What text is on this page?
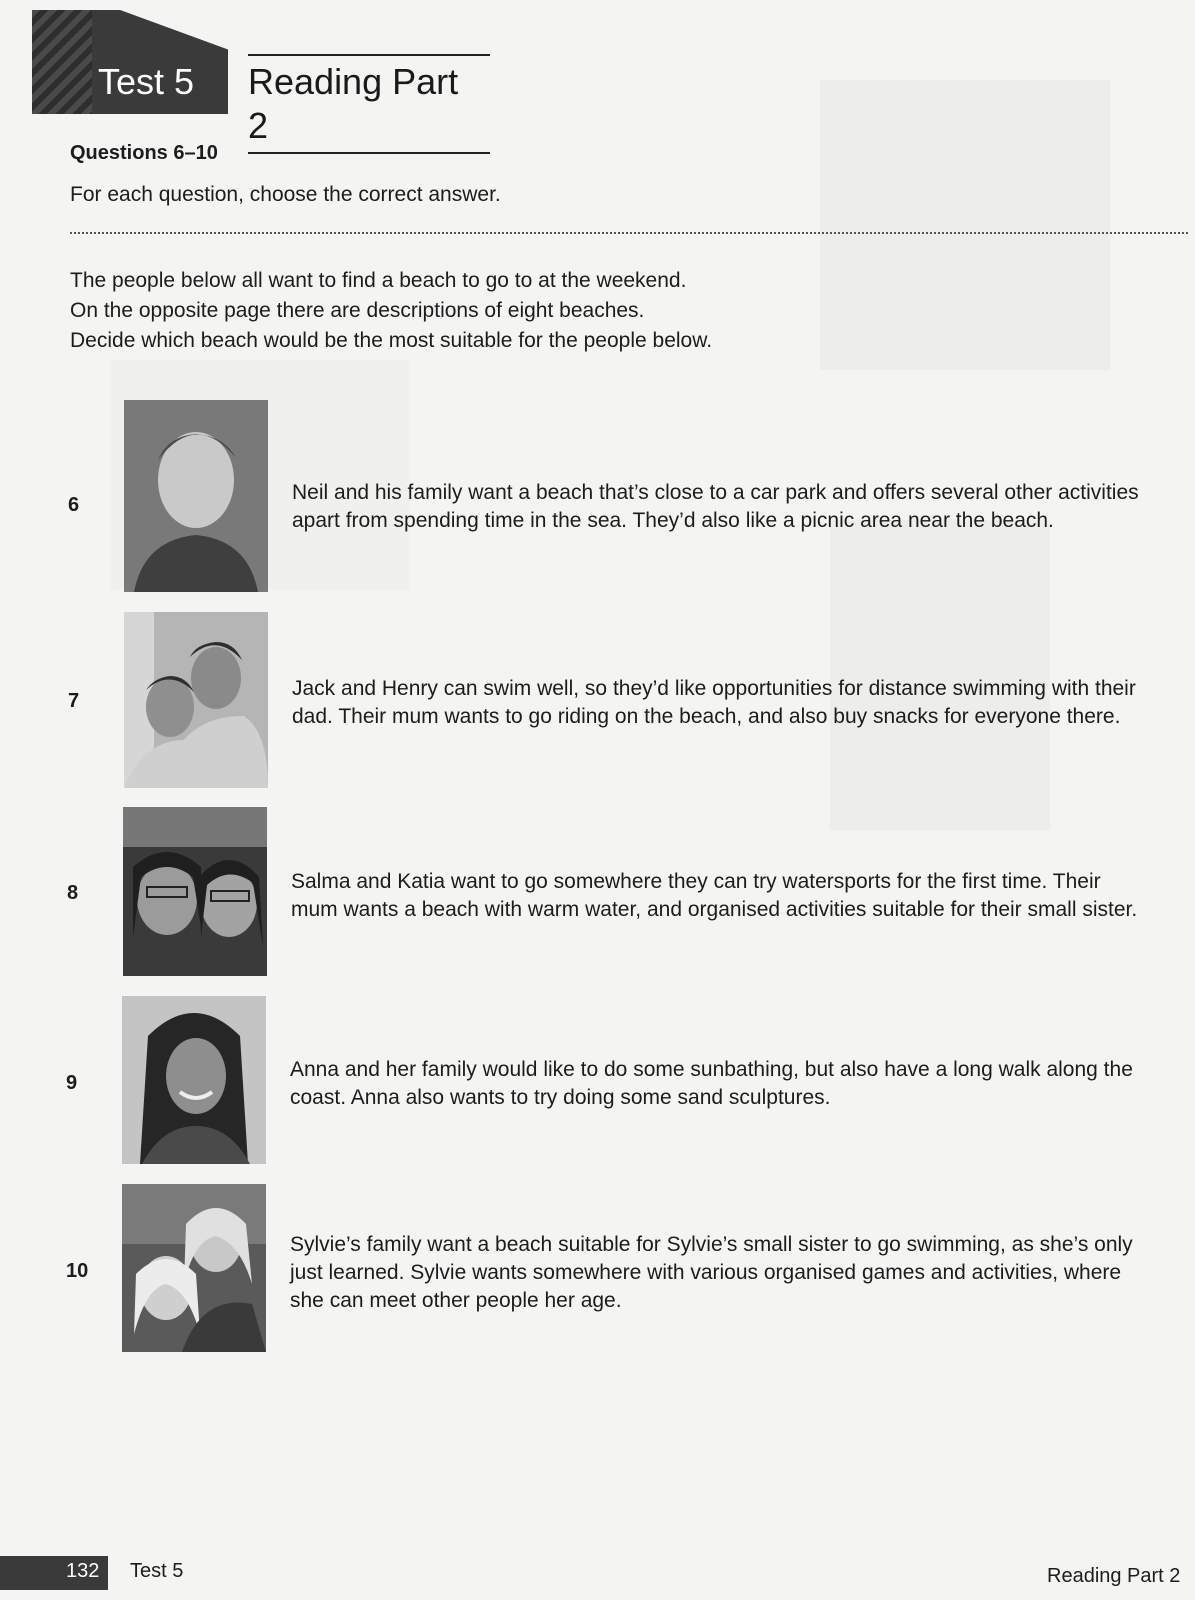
Test 5 Reading Part 2
Questions 6–10
For each question, choose the correct answer.
The people below all want to find a beach to go to at the weekend.
On the opposite page there are descriptions of eight beaches.
Decide which beach would be the most suitable for the people below.
6
Neil and his family want a beach that’s close to a car park and offers several other activities
apart from spending time in the sea. They’d also like a picnic area near the beach.
7
Jack and Henry can swim well, so they’d like opportunities for distance swimming with their
dad. Their mum wants to go riding on the beach, and also buy snacks for everyone there.
8	Salma and Katia want to go somewhere they can try watersports for the first time. Their
mum wants a beach with warm water, and organised activities suitable for their small sister.
9
Anna and her family would like to do some sunbathing, but also have a long walk along the
coast. Anna also wants to try doing some sand sculptures.
10
Sylvie’s family want a beach suitable for Sylvie’s small sister to go swimming, as she’s only
just learned. Sylvie wants somewhere with various organised games and activities, where
she can meet other people her age.
132 Test 5	Reading Part 2
